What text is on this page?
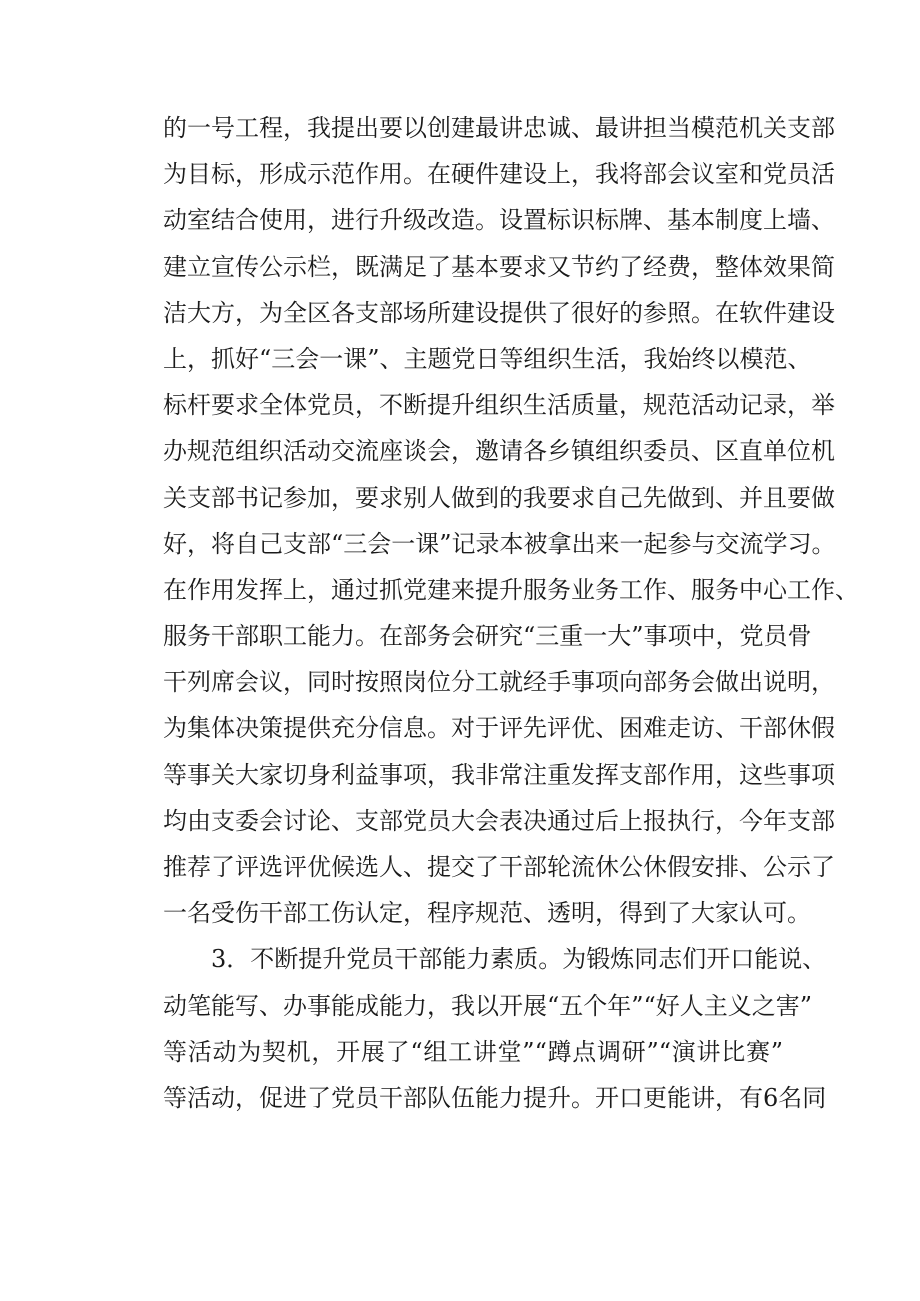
的一号工程，我提出要以创建最讲忠诚、最讲担当模范机关支部
为目标，形成示范作用。在硬件建设上，我将部会议室和党员活
动室结合使用，进行升级改造。设置标识标牌、基本制度上墙、
建立宣传公示栏，既满足了基本要求又节约了经费，整体效果简
洁大方，为全区各支部场所建设提供了很好的参照。在软件建设
上，抓好“三会一课”、主题党日等组织生活，我始终以模范、
标杆要求全体党员，不断提升组织生活质量，规范活动记录，举
办规范组织活动交流座谈会，邀请各乡镇组织委员、区直单位机
关支部书记参加，要求别人做到的我要求自己先做到、并且要做
好，将自己支部“三会一课”记录本被拿出来一起参与交流学习。
在作用发挥上，通过抓党建来提升服务业务工作、服务中心工作、
服务干部职工能力。在部务会研究“三重一大”事项中，党员骨
干列席会议，同时按照岗位分工就经手事项向部务会做出说明，
为集体决策提供充分信息。对于评先评优、困难走访、干部休假
等事关大家切身利益事项，我非常注重发挥支部作用，这些事项
均由支委会讨论、支部党员大会表决通过后上报执行，今年支部
推荐了评选评优候选人、提交了干部轮流休公休假安排、公示了
一名受伤干部工伤认定，程序规范、透明，得到了大家认可。
3．不断提升党员干部能力素质。为锻炼同志们开口能说、
动笔能写、办事能成能力，我以开展“五个年”“好人主义之害”
等活动为契机，开展了“组工讲堂”“蹲点调研”“演讲比赛”
等活动，促进了党员干部队伍能力提升。开口更能讲，有6名同
